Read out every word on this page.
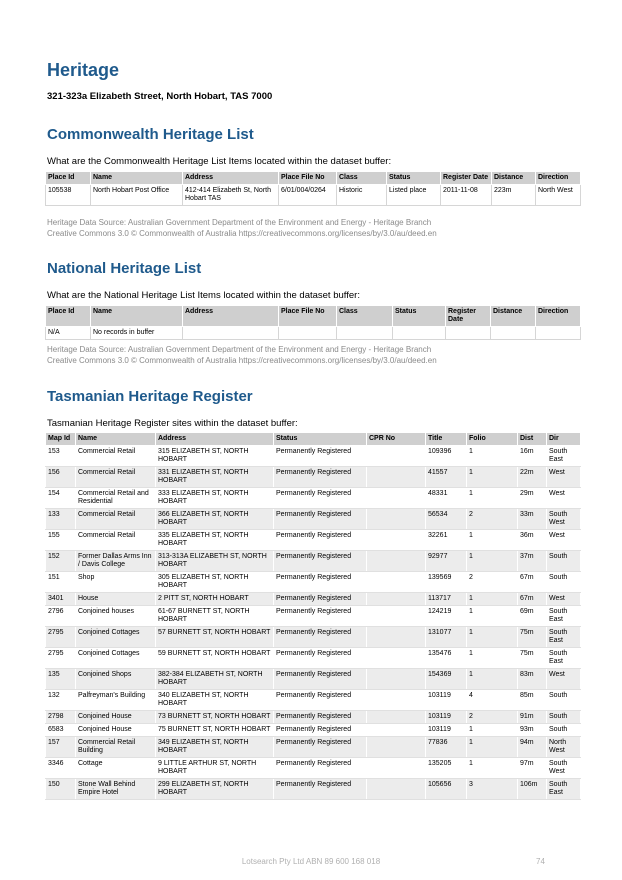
Heritage

321-323a Elizabeth Street, North Hobart, TAS 7000

Commonwealth Heritage List

What are the Commonwealth Heritage List Items located within the dataset buffer:

Place Id	Name	Address	Place File No	Class	Status	Register Date	Distance	Direction
105538	North Hobart Post Office	412-414 Elizabeth St, North Hobart TAS	6/01/004/0264	Historic	Listed place	2011-11-08	223m	North West

Heritage Data Source: Australian Government Department of the Environment and Energy - Heritage Branch
Creative Commons 3.0 © Commonwealth of Australia https://creativecommons.org/licenses/by/3.0/au/deed.en

National Heritage List

What are the National Heritage List Items located within the dataset buffer:

Place Id	Name	Address	Place File No	Class	Status	Register Date	Distance	Direction
N/A	No records in buffer							

Heritage Data Source: Australian Government Department of the Environment and Energy - Heritage Branch
Creative Commons 3.0 © Commonwealth of Australia https://creativecommons.org/licenses/by/3.0/au/deed.en

Tasmanian Heritage Register

Tasmanian Heritage Register sites within the dataset buffer:

Map Id	Name	Address	Status	CPR No	Title	Folio	Dist	Dir
153	Commercial Retail	315 ELIZABETH ST, NORTH HOBART	Permanently Registered		109396	1	16m	South East
156	Commercial Retail	331 ELIZABETH ST, NORTH HOBART	Permanently Registered		41557	1	22m	West
154	Commercial Retail and Residential	333 ELIZABETH ST, NORTH HOBART	Permanently Registered		48331	1	29m	West
133	Commercial Retail	366 ELIZABETH ST, NORTH HOBART	Permanently Registered		56534	2	33m	South West
155	Commercial Retail	335 ELIZABETH ST, NORTH HOBART	Permanently Registered		32261	1	36m	West
152	Former Dallas Arms Inn / Davis College	313-313A ELIZABETH ST, NORTH HOBART	Permanently Registered		92977	1	37m	South
151	Shop	305 ELIZABETH ST, NORTH HOBART	Permanently Registered		139569	2	67m	South
3401	House	2 PITT ST, NORTH HOBART	Permanently Registered		113717	1	67m	West
2796	Conjoined houses	61-67 BURNETT ST, NORTH HOBART	Permanently Registered		124219	1	69m	South East
2795	Conjoined Cottages	57 BURNETT ST, NORTH HOBART	Permanently Registered		131077	1	75m	South East
2795	Conjoined Cottages	59 BURNETT ST, NORTH HOBART	Permanently Registered		135476	1	75m	South East
135	Conjoined Shops	382-384 ELIZABETH ST, NORTH HOBART	Permanently Registered		154369	1	83m	West
132	Palfreyman's Building	340 ELIZABETH ST, NORTH HOBART	Permanently Registered		103119	4	85m	South
2798	Conjoined House	73 BURNETT ST, NORTH HOBART	Permanently Registered		103119	2	91m	South
6583	Conjoined House	75 BURNETT ST, NORTH HOBART	Permanently Registered		103119	1	93m	South
157	Commercial Retail Building	349 ELIZABETH ST, NORTH HOBART	Permanently Registered		77836	1	94m	North West
3346	Cottage	9 LITTLE ARTHUR ST, NORTH HOBART	Permanently Registered		135205	1	97m	South West
150	Stone Wall Behind Empire Hotel	299 ELIZABETH ST, NORTH HOBART	Permanently Registered		105656	3	106m	South East
Lotsearch Pty Ltd ABN 89 600 168 018	74
